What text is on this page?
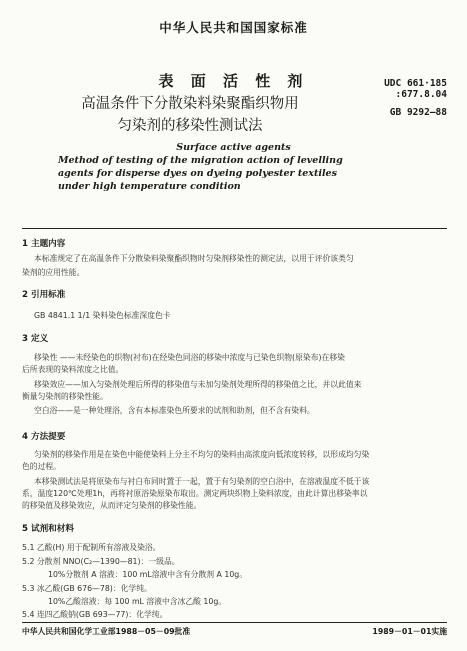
中华人民共和国国家标准
表 面 活 性 剂
高温条件下分散染料染聚酯织物用
匀染剂的移染性测试法
UDC 661·185
:677.8.04
GB 9292—88
Surface active agents
Method of testing of the migration action of levelling
agents for disperse dyes on dyeing polyester textiles
under high temperature condition
1 主题内容
本标准规定了在高温条件下分散染料染聚酯织物时匀染剂移染性的测定法，以用于评价该类匀
染剂的应用性能。
2 引用标准
GB 4841.1 1/1 染料染色标准深度色卡
3 定义
移染性 ——未经染色的织物(衬布)在经染色同浴的移染中浓度与已染色织物(原染布)在移染
后所表现的染料浓度之比值。
移染效应——加入匀染剂处理后所得的移染值与未加匀染剂处理所得的移染值之比，并以此值来
衡量匀染剂的移染性能。
空白浴——是一种处理浴，含有本标准染色所要求的试剂和助剂，但不含有染料。
4 方法提要
匀染剂的移染作用是在染色中能使染料上分主不均匀的染料由高浓度向低浓度转移，以形成均匀染
色的过程。
本移染测试法是将原染布与衬白布同时置于一起，置于有匀染剂的空白浴中，在溶液温度不低于该
系，温度120℃处理1h，再将衬原浴染原染布取出。测定两块织物上染料浓度，由此计算出移染率以
的移染值及移染效应，从而评定匀染剂的移染性能。
5 试剂和材料
5.1 乙酸(H) 用于配制所有溶液及染浴。
5.2 分散剂 NNO(C₂—1390—81)：一级品。
10%分散剂 A 溶液：100 mL溶液中含有分散剂 A 10g。
5.3 冰乙酸(GB 676—78)：化学纯。
10%乙酸溶液：每 100 mL 溶液中含冰乙酸 10g。
5.4 连四乙酸钠(GB 693—77)：化学纯。
中华人民共和国化学工业部1988－05－09批准	1989－01－01实施
